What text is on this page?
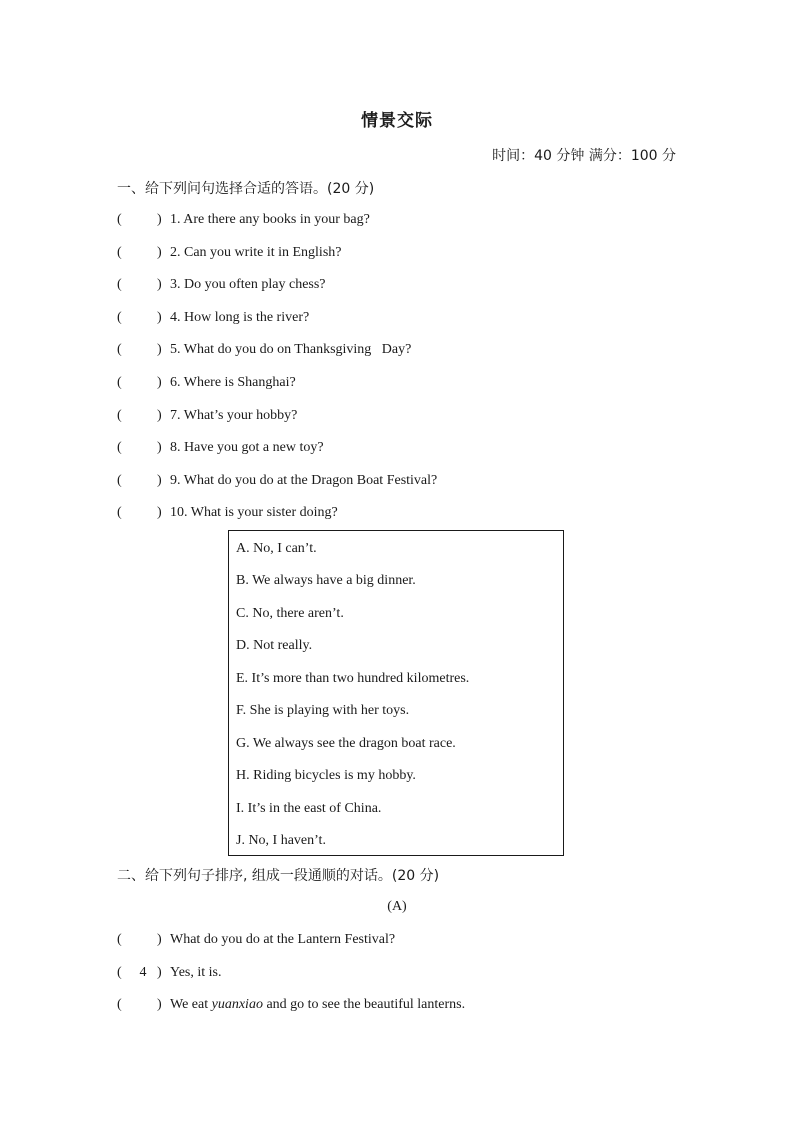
情景交际
时间：40 分钟 满分：100 分
一、给下列问句选择合适的答语。(20 分)
(	) 1. Are there any books in your bag?
(	) 2. Can you write it in English?
(	) 3. Do you often play chess?
(	) 4. How long is the river?
(	) 5. What do you do on Thanksgiving   Day?
(	) 6. Where is Shanghai?
(	) 7. What’s your hobby?
(	) 8. Have you got a new toy?
(	) 9. What do you do at the Dragon Boat Festival?
(	) 10. What is your sister doing?
A. No, I can’t.
B. We always have a big dinner.
C. No, there aren’t.
D. Not really.
E. It’s more than two hundred kilometres.
F. She is playing with her toys.
G. We always see the dragon boat race.
H. Riding bicycles is my hobby.
I. It’s in the east of China.
J. No, I haven’t.
二、给下列句子排序, 组成一段通顺的对话。(20 分)
(A)
(	) What do you do at the Lantern Festival?
( 4 ) Yes, it is.
(	) We eat yuanxiao and go to see the beautiful lanterns.
